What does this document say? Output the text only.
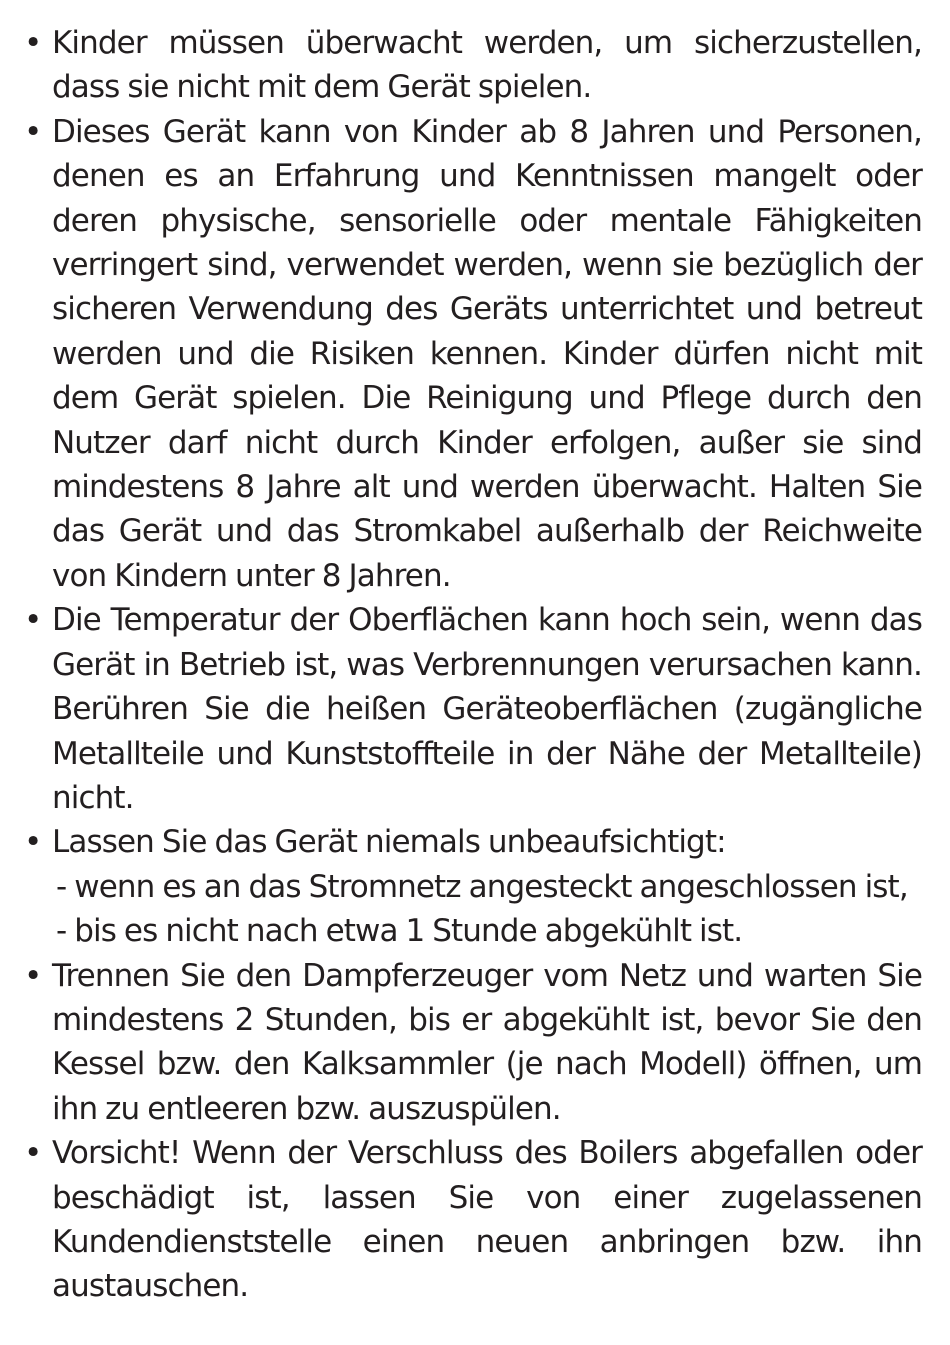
• Kinder müssen überwacht werden, um sicherzustellen, dass sie nicht mit dem Gerät spielen.
• Dieses Gerät kann von Kinder ab 8 Jahren und Personen, denen es an Erfahrung und Kenntnissen mangelt oder deren physische, sensorielle oder mentale Fähigkeiten verringert sind, verwendet werden, wenn sie bezüglich der sicheren Verwendung des Geräts unterrichtet und betreut werden und die Risiken kennen. Kinder dürfen nicht mit dem Gerät spielen. Die Reinigung und Pflege durch den Nutzer darf nicht durch Kinder erfolgen, außer sie sind mindestens 8 Jahre alt und werden überwacht. Halten Sie das Gerät und das Stromkabel außerhalb der Reichweite von Kindern unter 8 Jahren.
• Die Temperatur der Oberflächen kann hoch sein, wenn das Gerät in Betrieb ist, was Verbrennungen verursachen kann. Berühren Sie die heißen Geräteoberflächen (zugängliche Metallteile und Kunststoffteile in der Nähe der Metallteile) nicht.
• Lassen Sie das Gerät niemals unbeaufsichtigt:
- wenn es an das Stromnetz angesteckt angeschlossen ist,
- bis es nicht nach etwa 1 Stunde abgekühlt ist.
• Trennen Sie den Dampferzeuger vom Netz und warten Sie mindestens 2 Stunden, bis er abgekühlt ist, bevor Sie den Kessel bzw. den Kalksammler (je nach Modell) öffnen, um ihn zu entleeren bzw. auszuspülen.
• Vorsicht! Wenn der Verschluss des Boilers abgefallen oder beschädigt ist, lassen Sie von einer zugelassenen Kundendienststelle einen neuen anbringen bzw. ihn austauschen.
